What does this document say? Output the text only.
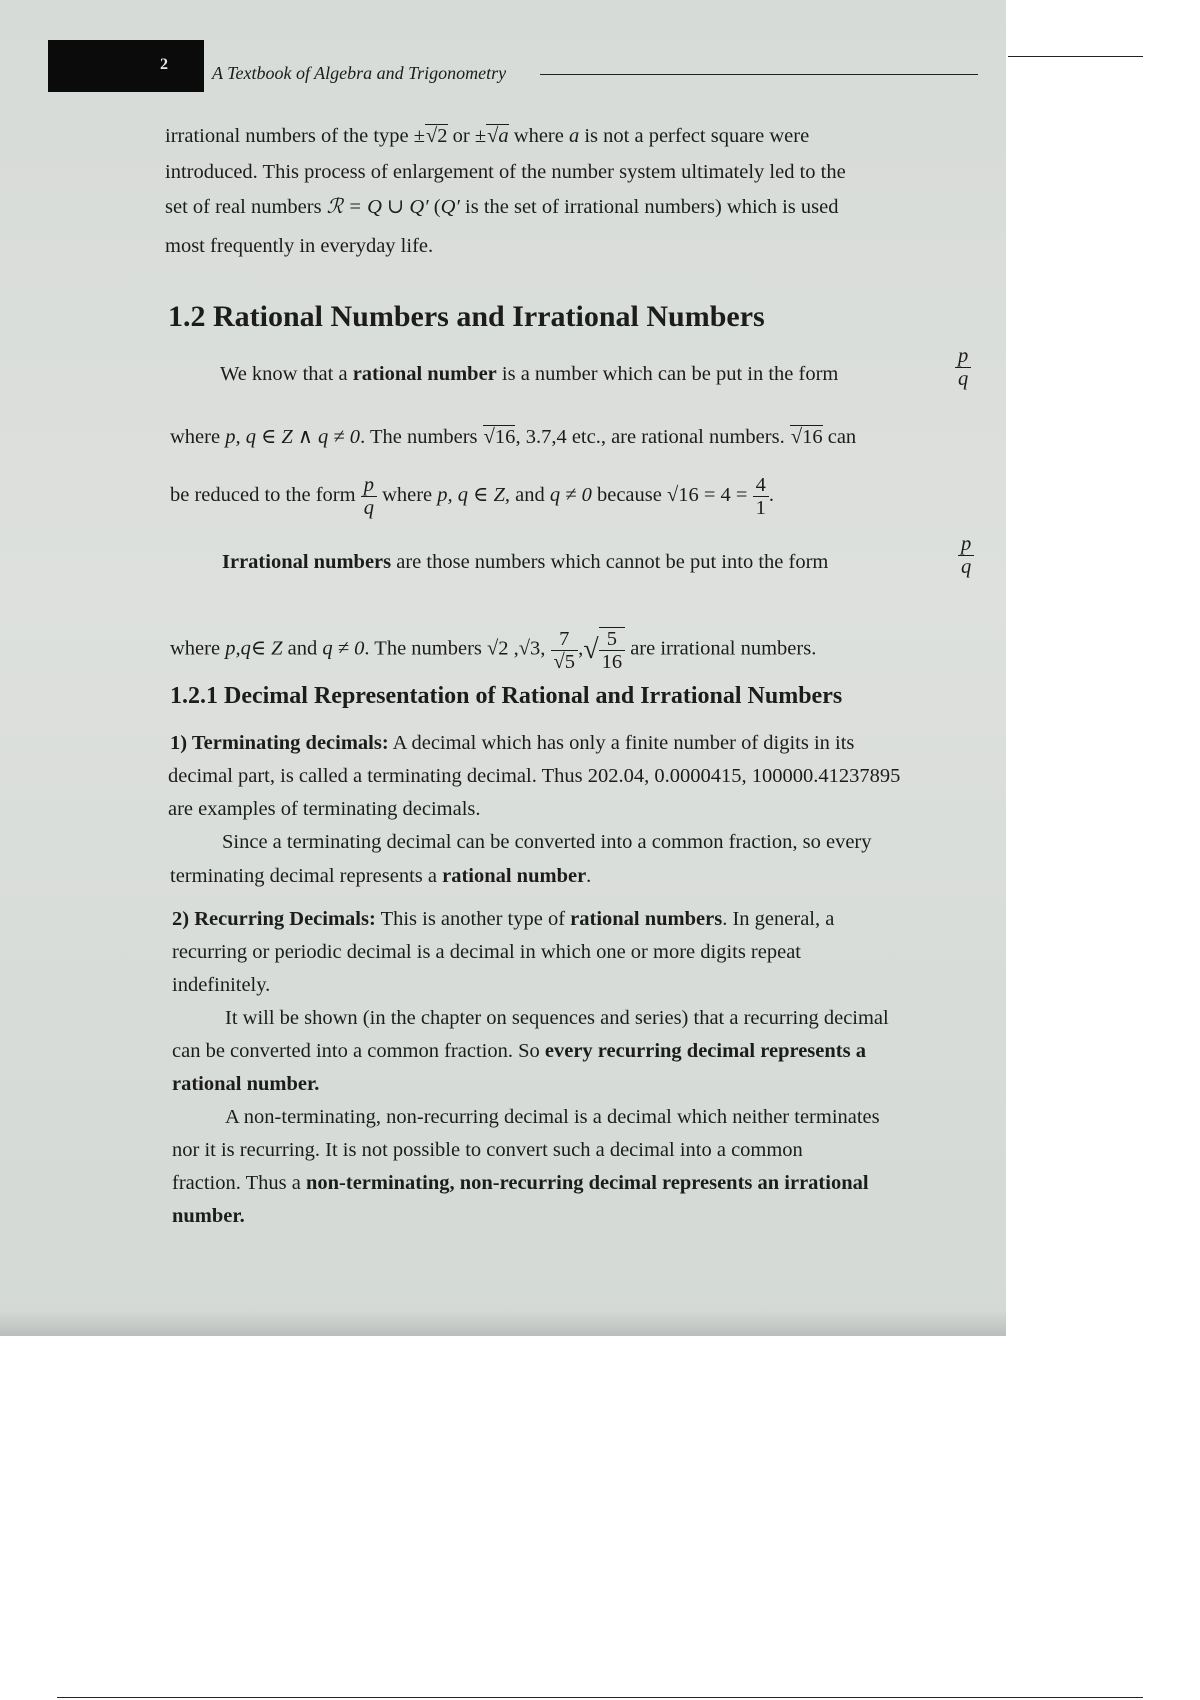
2 A Textbook of Algebra and Trigonometry
irrational numbers of the type ±√2 or ±√a where a is not a perfect square were
introduced. This process of enlargement of the number system ultimately led to the
set of real numbers ℛ = Q ∪ Q′ (Q′ is the set of irrational numbers) which is used
most frequently in everyday life.
1.2 Rational Numbers and Irrational Numbers
We know that a rational number is a number which can be put in the form	$\frac{p}{q}$
where p, q ∈ Z ∧ q ≠ 0. The numbers √16, 3.7,4 etc., are rational numbers. √16 can
be reduced to the form $\frac{p}{q}$ where p, q ∈ Z, and q ≠ 0 because $√16 = 4 = \frac{4}{1}$ .
Irrational numbers are those numbers which cannot be put into the form	$\frac{p}{q}$
where p,q∈ Z and q ≠ 0. The numbers √2 ,√3, $\frac{7}{√5}$ ,√ $\frac{5}{16}$ are irrational numbers.
1.2.1 Decimal Representation of Rational and Irrational Numbers
1) Terminating decimals: A decimal which has only a finite number of digits in its
decimal part, is called a terminating decimal. Thus 202.04, 0.0000415, 100000.41237895
are examples of terminating decimals.
Since a terminating decimal can be converted into a common fraction, so every
terminating decimal represents a rational number.
2) Recurring Decimals: This is another type of rational numbers. In general, a
recurring or periodic decimal is a decimal in which one or more digits repeat
indefinitely.
It will be shown (in the chapter on sequences and series) that a recurring decimal
can be converted into a common fraction. So every recurring decimal represents a
rational number.
A non-terminating, non-recurring decimal is a decimal which neither terminates
nor it is recurring. It is not possible to convert such a decimal into a common
fraction. Thus a non-terminating, non-recurring decimal represents an irrational
number.
